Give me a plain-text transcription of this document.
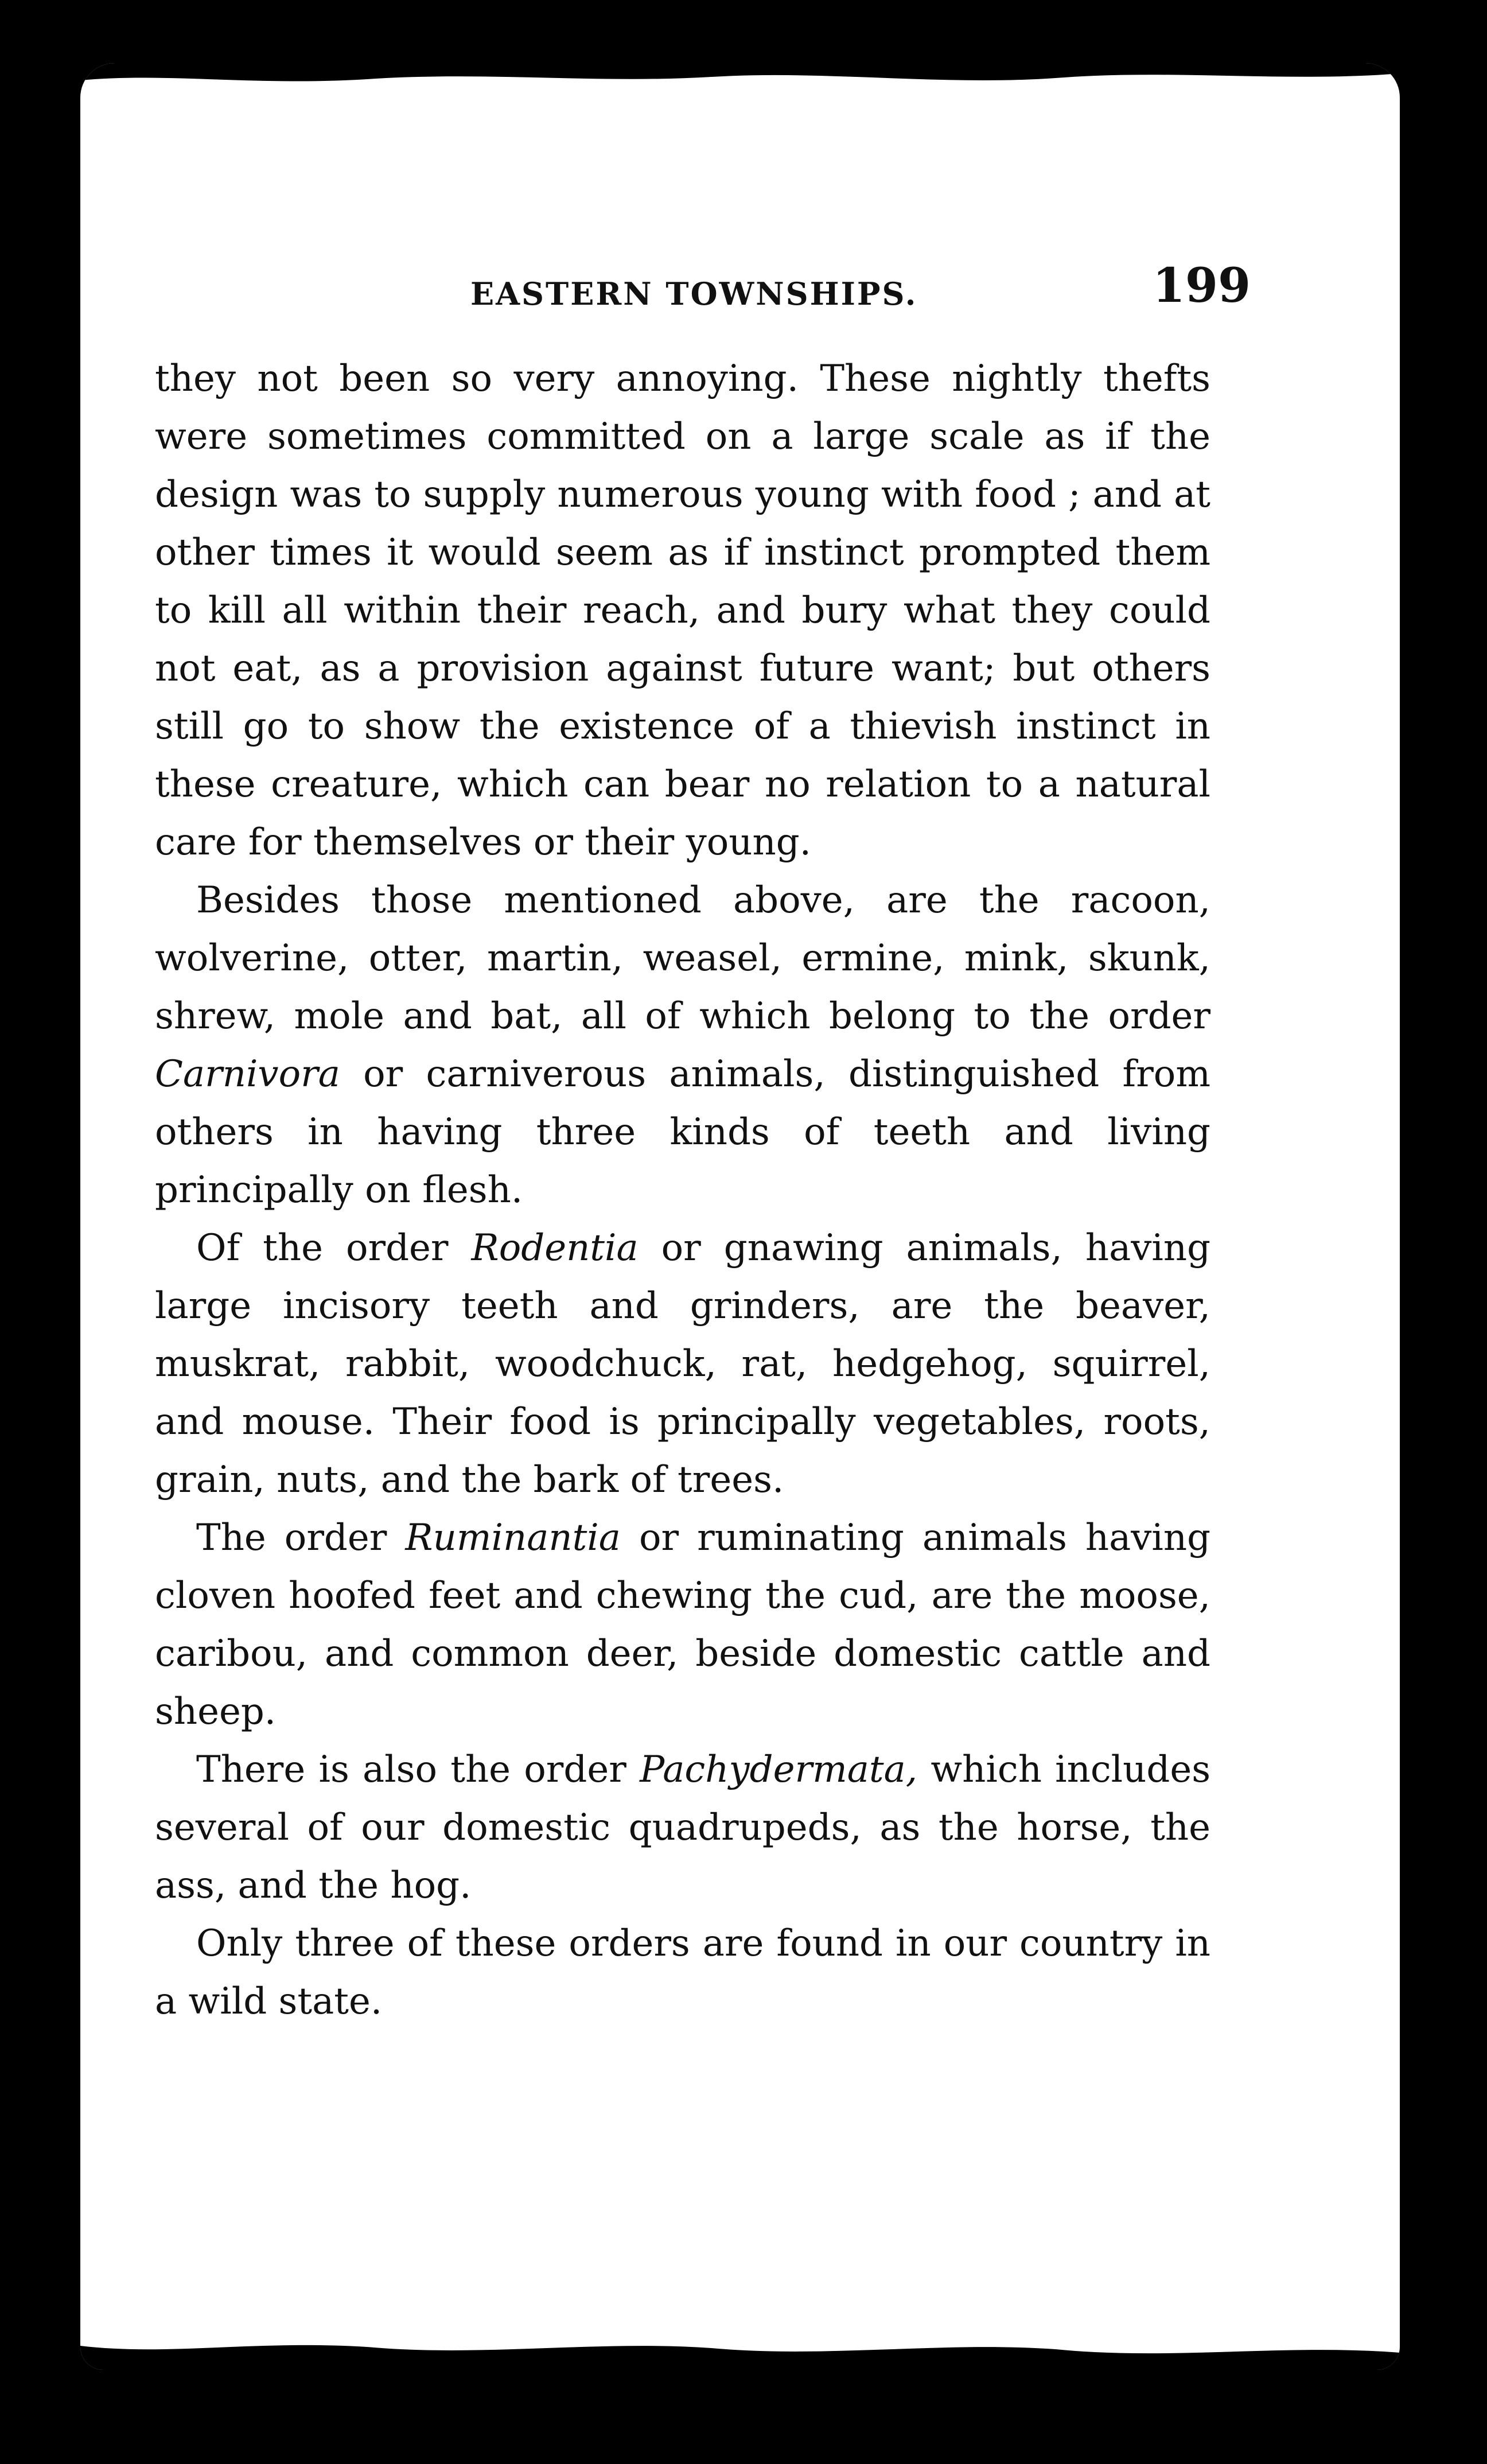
EASTERN TOWNSHIPS.	199

they not been so very annoying. These nightly thefts were sometimes committed on a large scale as if the design was to supply numerous young with food ; and at other times it would seem as if instinct prompted them to kill all within their reach, and bury what they could not eat, as a provision against future want; but others still go to show the existence of a thievish instinct in these creature, which can bear no relation to a natural care for themselves or their young.

Besides those mentioned above, are the racoon, wolverine, otter, martin, weasel, ermine, mink, skunk, shrew, mole and bat, all of which belong to the order Carnivora or carniverous animals, distinguished from others in having three kinds of teeth and living principally on flesh.

Of the order Rodentia or gnawing animals, having large incisory teeth and grinders, are the beaver, muskrat, rabbit, woodchuck, rat, hedgehog, squirrel, and mouse. Their food is principally vegetables, roots, grain, nuts, and the bark of trees.

The order Ruminantia or ruminating animals having cloven hoofed feet and chewing the cud, are the moose, caribou, and common deer, beside domestic cattle and sheep.

There is also the order Pachydermata, which includes several of our domestic quadrupeds, as the horse, the ass, and the hog.

Only three of these orders are found in our country in a wild state.
